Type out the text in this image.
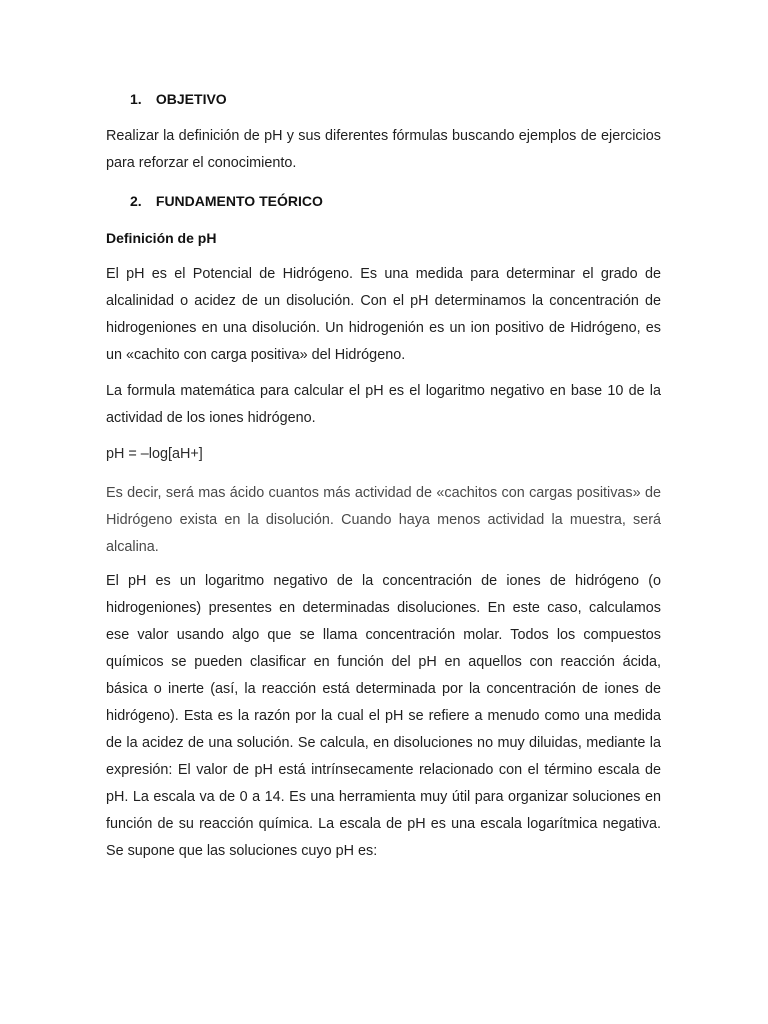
1. OBJETIVO
Realizar la definición de pH y sus diferentes fórmulas buscando ejemplos de ejercicios para reforzar el conocimiento.
2. FUNDAMENTO TEÓRICO
Definición de pH
El pH es el Potencial de Hidrógeno. Es una medida para determinar el grado de alcalinidad o acidez de un disolución. Con el pH determinamos la concentración de hidrogeniones en una disolución. Un hidrogenión es un ion positivo de Hidrógeno, es un «cachito con carga positiva» del Hidrógeno.
La formula matemática para calcular el pH es el logaritmo negativo en base 10 de la actividad de los iones hidrógeno.
pH = –log[aH+]
Es decir, será mas ácido cuantos más actividad de «cachitos con cargas positivas» de Hidrógeno exista en la disolución. Cuando haya menos actividad la muestra, será alcalina.
El pH es un logaritmo negativo de la concentración de iones de hidrógeno (o hidrogeniones) presentes en determinadas disoluciones. En este caso, calculamos ese valor usando algo que se llama concentración molar. Todos los compuestos químicos se pueden clasificar en función del pH en aquellos con reacción ácida, básica o inerte (así, la reacción está determinada por la concentración de iones de hidrógeno). Esta es la razón por la cual el pH se refiere a menudo como una medida de la acidez de una solución. Se calcula, en disoluciones no muy diluidas, mediante la expresión: El valor de pH está intrínsecamente relacionado con el término escala de pH. La escala va de 0 a 14. Es una herramienta muy útil para organizar soluciones en función de su reacción química. La escala de pH es una escala logarítmica negativa. Se supone que las soluciones cuyo pH es:
